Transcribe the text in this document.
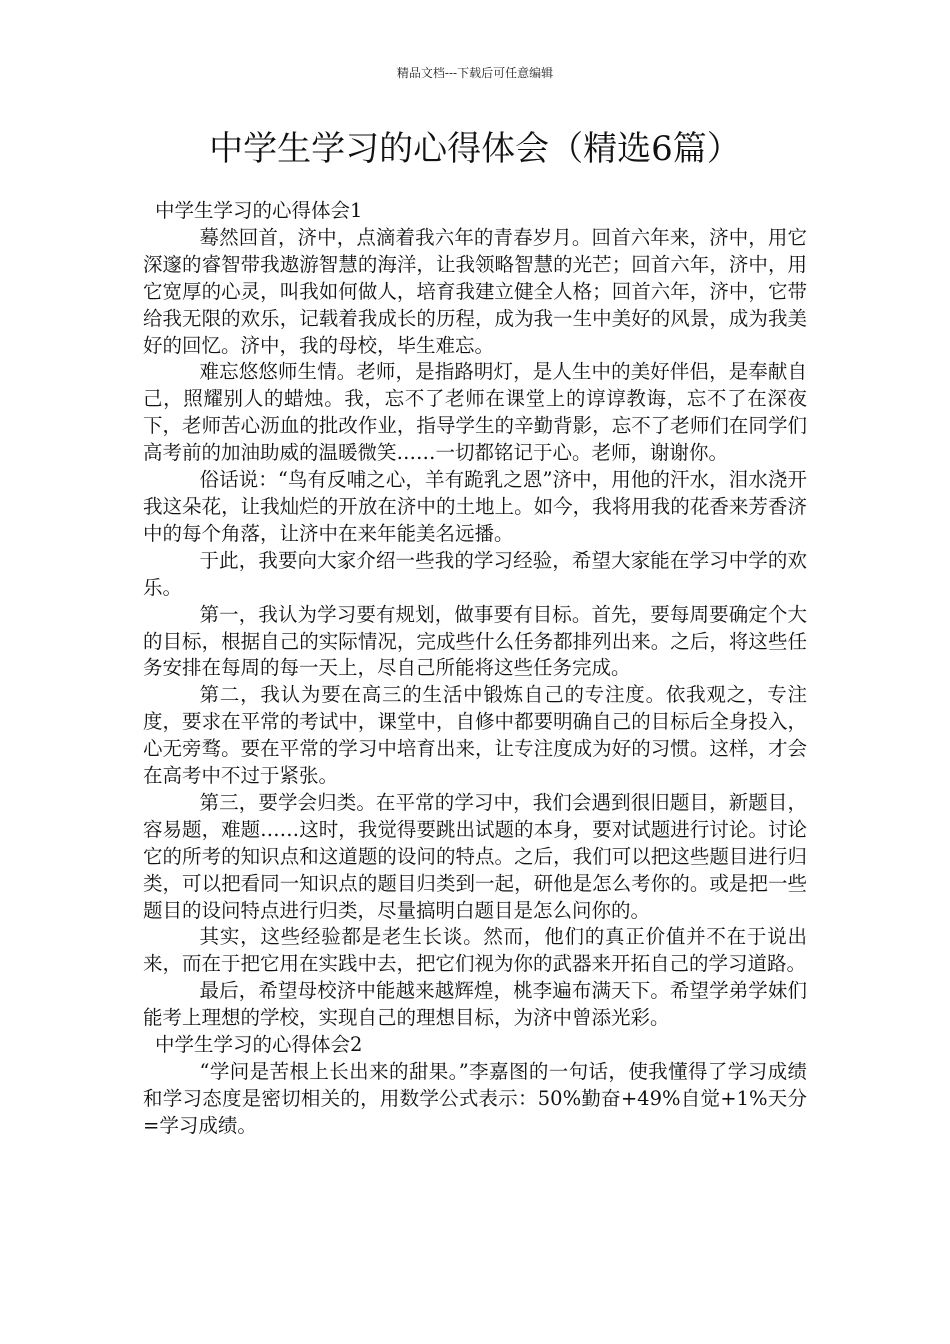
精品文档---下载后可任意编辑
中学生学习的心得体会（精选6篇）
中学生学习的心得体会1

蓦然回首，济中，点滴着我六年的青春岁月。回首六年来，济中，用它深邃的睿智带我遨游智慧的海洋，让我领略智慧的光芒；回首六年，济中，用它宽厚的心灵，叫我如何做人，培育我建立健全人格；回首六年，济中，它带给我无限的欢乐，记载着我成长的历程，成为我一生中美好的风景，成为我美好的回忆。济中，我的母校，毕生难忘。

难忘悠悠师生情。老师，是指路明灯，是人生中的美好伴侣，是奉献自己，照耀别人的蜡烛。我，忘不了老师在课堂上的谆谆教诲，忘不了在深夜下，老师苦心沥血的批改作业，指导学生的辛勤背影，忘不了老师们在同学们高考前的加油助威的温暖微笑……一切都铭记于心。老师，谢谢你。

俗话说：“鸟有反哺之心，羊有跪乳之恩”济中，用他的汗水，泪水浇开我这朵花，让我灿烂的开放在济中的土地上。如今，我将用我的花香来芳香济中的每个角落，让济中在来年能美名远播。

于此，我要向大家介绍一些我的学习经验，希望大家能在学习中学的欢乐。

第一，我认为学习要有规划，做事要有目标。首先，要每周要确定个大的目标，根据自己的实际情况，完成些什么任务都排列出来。之后，将这些任务安排在每周的每一天上，尽自己所能将这些任务完成。

第二，我认为要在高三的生活中锻炼自己的专注度。依我观之，专注度，要求在平常的考试中，课堂中，自修中都要明确自己的目标后全身投入，心无旁骛。要在平常的学习中培育出来，让专注度成为好的习惯。这样，才会在高考中不过于紧张。

第三，要学会归类。在平常的学习中，我们会遇到很旧题目，新题目，容易题，难题……这时，我觉得要跳出试题的本身，要对试题进行讨论。讨论它的所考的知识点和这道题的设问的特点。之后，我们可以把这些题目进行归类，可以把看同一知识点的题目归类到一起，研他是怎么考你的。或是把一些题目的设问特点进行归类，尽量搞明白题目是怎么问你的。

其实，这些经验都是老生长谈。然而，他们的真正价值并不在于说出来，而在于把它用在实践中去，把它们视为你的武器来开拓自己的学习道路。

最后，希望母校济中能越来越辉煌，桃李遍布满天下。希望学弟学妹们能考上理想的学校，实现自己的理想目标，为济中曾添光彩。

中学生学习的心得体会2

“学问是苦根上长出来的甜果。”李嘉图的一句话，使我懂得了学习成绩和学习态度是密切相关的，用数学公式表示：50%勤奋+49%自觉+1%天分=学习成绩。
